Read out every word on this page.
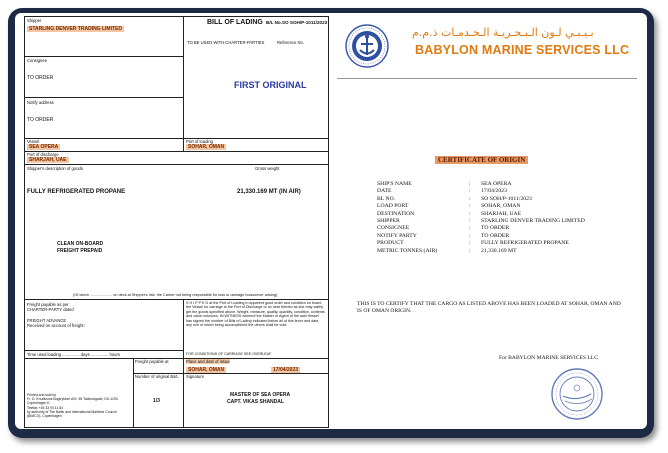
Shipper
STARLING DENVER TRADING LIMITED
BILL OF LADING B/L No.SO SOH/P-1011/2023
TO BE USED WITH CHARTER-PARTIES	Reference No.
Consignee
TO ORDER
FIRST ORIGINAL
Notify address
TO ORDER
Vessel
SEA OPERA
Port of loading
SOHAR, OMAN
Port of discharge
SHARJAH, UAE
Shipper's description of goods	Gross weight
FULLY REFRIGERATED PROPANE	21,330.169 MT (IN AIR)
CLEAN ON-BOARD
FREIGHT PREPAID
(Of which ..................... on deck at Shipper's risk; the Carrier not being responsible for loss or damage howsoever arising)
Freight payable as per
CHARTER-PARTY dated
FREIGHT ADVANCE
Received on account of freight:
Time used loading ............... days ............... hours
S H I P P E D at the Port of Loading in apparent good order and condition on board the Vessel for carriage to the Port of Discharge or so near thereto as she may safely get the goods specified above. Weight, measure, quality, quantity, condition, contents and value unknown. IN WITNESS whereof the Master or Agent of the said Vessel has signed the number of Bills of Lading indicated below all of this tenor and date, any one of which being accomplished the others shall be void.
FOR CONDITIONS OF CARRIAGE SEE OVERLEAF
Printed and sold by
Fr. G. Knudtzons Bogtrykkeri A/S, 55 Toldbodgade, DK-1253 Copenhagen K.
Telefax +45 33 93 11 84
by authority of The Baltic and International Maritime Council
(BIMCO), Copenhagen
Freight payable at	Place and date of issue
SOHAR, OMAN	17/04/2023
Number of original Bs/L
1/3
Signature
MASTER OF SEA OPERA
CAPT. VIKAS SHANDAL
بـيـبـي لـون الـبـحـريـة الـخـدمـات ذ.م.م
BABYLON MARINE SERVICES LLC
CERTIFICATE OF ORIGIN
SHIP'S NAME	:	SEA OPERA
DATE	:	17/04/2023
BL NO.	:	SO SOH/P-1011/2023
LOAD PORT	:	SOHAR, OMAN
DESTINATION	:	SHARJAH, UAE
SHIPPER	:	STARLING DENVER TRADING LIMITED
CONSIGNEE	:	TO ORDER
NOTIFY PARTY	:	TO ORDER
PRODUCT	:	FULLY REFRIGERATED PROPANE
METRIC TONNES (AIR)	:	21,330.169 MT
THIS IS TO CERTIFY THAT THE CARGO AS LISTED ABOVE HAS BEEN LOADED AT SOHAR, OMAN AND IS OF OMAN ORIGIN.
For BABYLON MARINE SERVICES LLC
